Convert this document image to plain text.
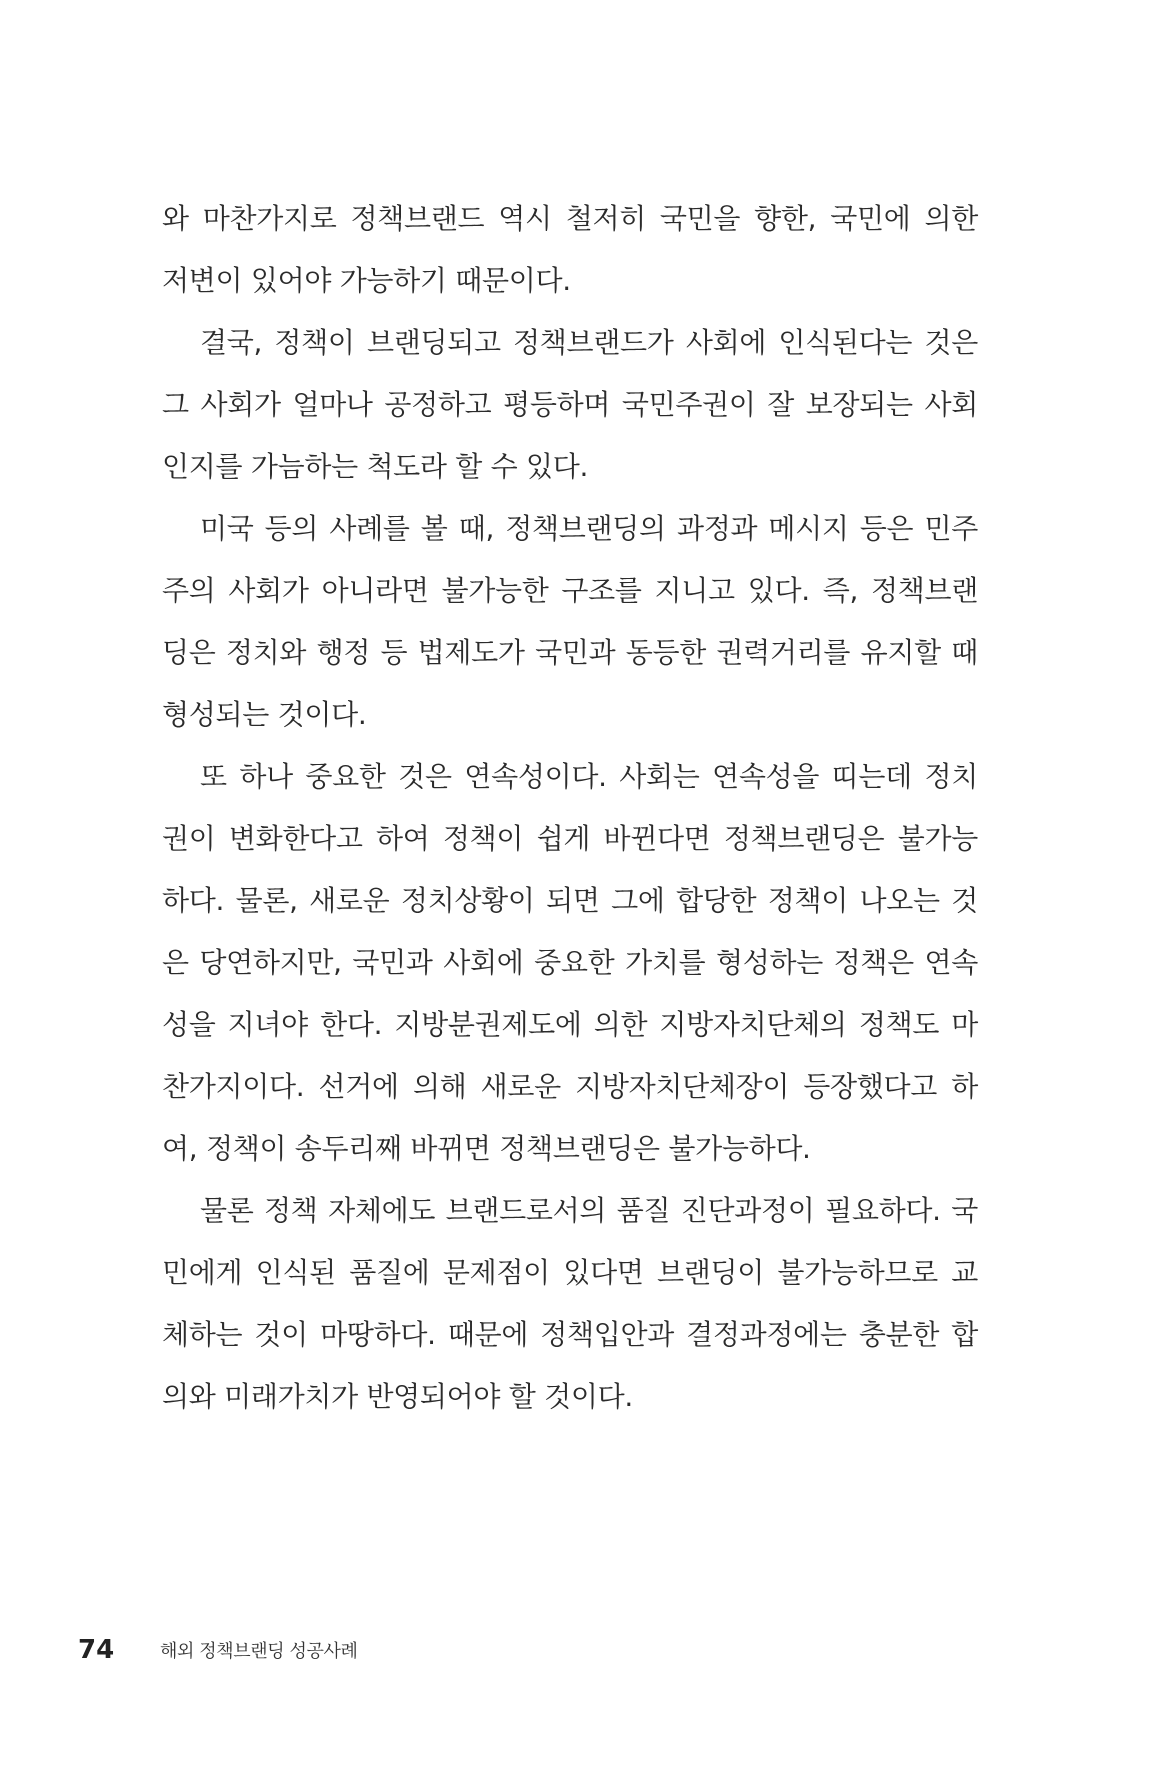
와 마찬가지로 정책브랜드 역시 철저히 국민을 향한, 국민에 의한
저변이 있어야 가능하기 때문이다.
결국, 정책이 브랜딩되고 정책브랜드가 사회에 인식된다는 것은
그 사회가 얼마나 공정하고 평등하며 국민주권이 잘 보장되는 사회
인지를 가늠하는 척도라 할 수 있다.
미국 등의 사례를 볼 때, 정책브랜딩의 과정과 메시지 등은 민주
주의 사회가 아니라면 불가능한 구조를 지니고 있다. 즉, 정책브랜
딩은 정치와 행정 등 법제도가 국민과 동등한 권력거리를 유지할 때
형성되는 것이다.
또 하나 중요한 것은 연속성이다. 사회는 연속성을 띠는데 정치
권이 변화한다고 하여 정책이 쉽게 바뀐다면 정책브랜딩은 불가능
하다. 물론, 새로운 정치상황이 되면 그에 합당한 정책이 나오는 것
은 당연하지만, 국민과 사회에 중요한 가치를 형성하는 정책은 연속
성을 지녀야 한다. 지방분권제도에 의한 지방자치단체의 정책도 마
찬가지이다. 선거에 의해 새로운 지방자치단체장이 등장했다고 하
여, 정책이 송두리째 바뀌면 정책브랜딩은 불가능하다.
물론 정책 자체에도 브랜드로서의 품질 진단과정이 필요하다. 국
민에게 인식된 품질에 문제점이 있다면 브랜딩이 불가능하므로 교
체하는 것이 마땅하다. 때문에 정책입안과 결정과정에는 충분한 합
의와 미래가치가 반영되어야 할 것이다.
74	해외 정책브랜딩 성공사례
